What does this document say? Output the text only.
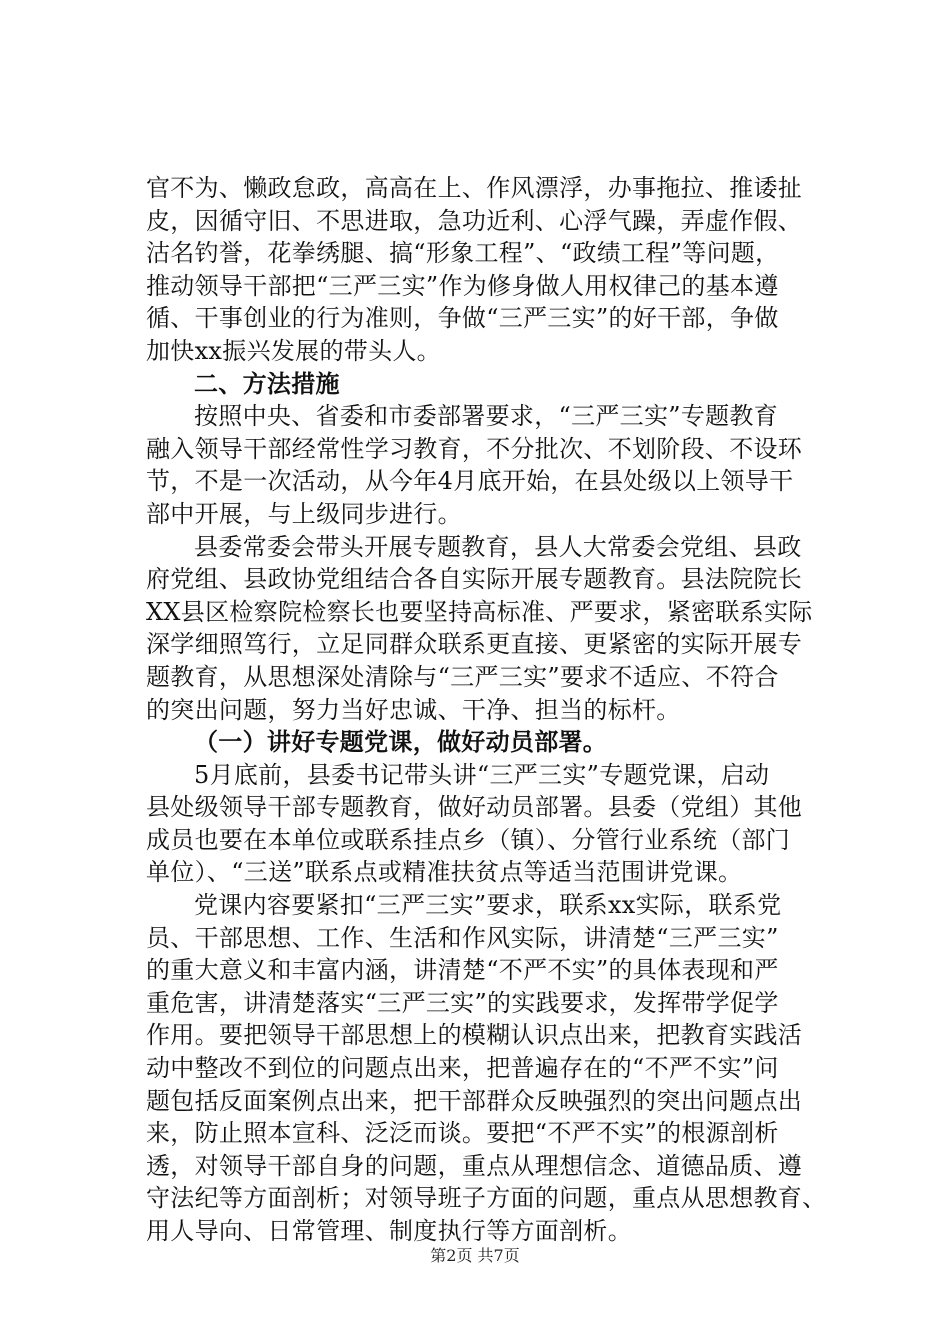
官不为、懒政怠政，高高在上、作风漂浮，办事拖拉、推诿扯
皮，因循守旧、不思进取，急功近利、心浮气躁，弄虚作假、
沽名钓誉，花拳绣腿、搞“形象工程”、“政绩工程”等问题，
推动领导干部把“三严三实”作为修身做人用权律己的基本遵
循、干事创业的行为准则，争做“三严三实”的好干部，争做
加快xx振兴发展的带头人。
二、方法措施
按照中央、省委和市委部署要求，“三严三实”专题教育
融入领导干部经常性学习教育，不分批次、不划阶段、不设环
节，不是一次活动，从今年4月底开始，在县处级以上领导干
部中开展，与上级同步进行。
县委常委会带头开展专题教育，县人大常委会党组、县政
府党组、县政协党组结合各自实际开展专题教育。县法院院长
XX县区检察院检察长也要坚持高标准、严要求，紧密联系实际
深学细照笃行，立足同群众联系更直接、更紧密的实际开展专
题教育，从思想深处清除与“三严三实”要求不适应、不符合
的突出问题，努力当好忠诚、干净、担当的标杆。
（一）讲好专题党课，做好动员部署。
5月底前，县委书记带头讲“三严三实”专题党课，启动
县处级领导干部专题教育，做好动员部署。县委（党组）其他
成员也要在本单位或联系挂点乡（镇）、分管行业系统（部门
单位）、“三送”联系点或精准扶贫点等适当范围讲党课。
党课内容要紧扣“三严三实”要求，联系xx实际，联系党
员、干部思想、工作、生活和作风实际，讲清楚“三严三实”
的重大意义和丰富内涵，讲清楚“不严不实”的具体表现和严
重危害，讲清楚落实“三严三实”的实践要求，发挥带学促学
作用。要把领导干部思想上的模糊认识点出来，把教育实践活
动中整改不到位的问题点出来，把普遍存在的“不严不实”问
题包括反面案例点出来，把干部群众反映强烈的突出问题点出
来，防止照本宣科、泛泛而谈。要把“不严不实”的根源剖析
透，对领导干部自身的问题，重点从理想信念、道德品质、遵
守法纪等方面剖析；对领导班子方面的问题，重点从思想教育、
用人导向、日常管理、制度执行等方面剖析。
第2页 共7页
